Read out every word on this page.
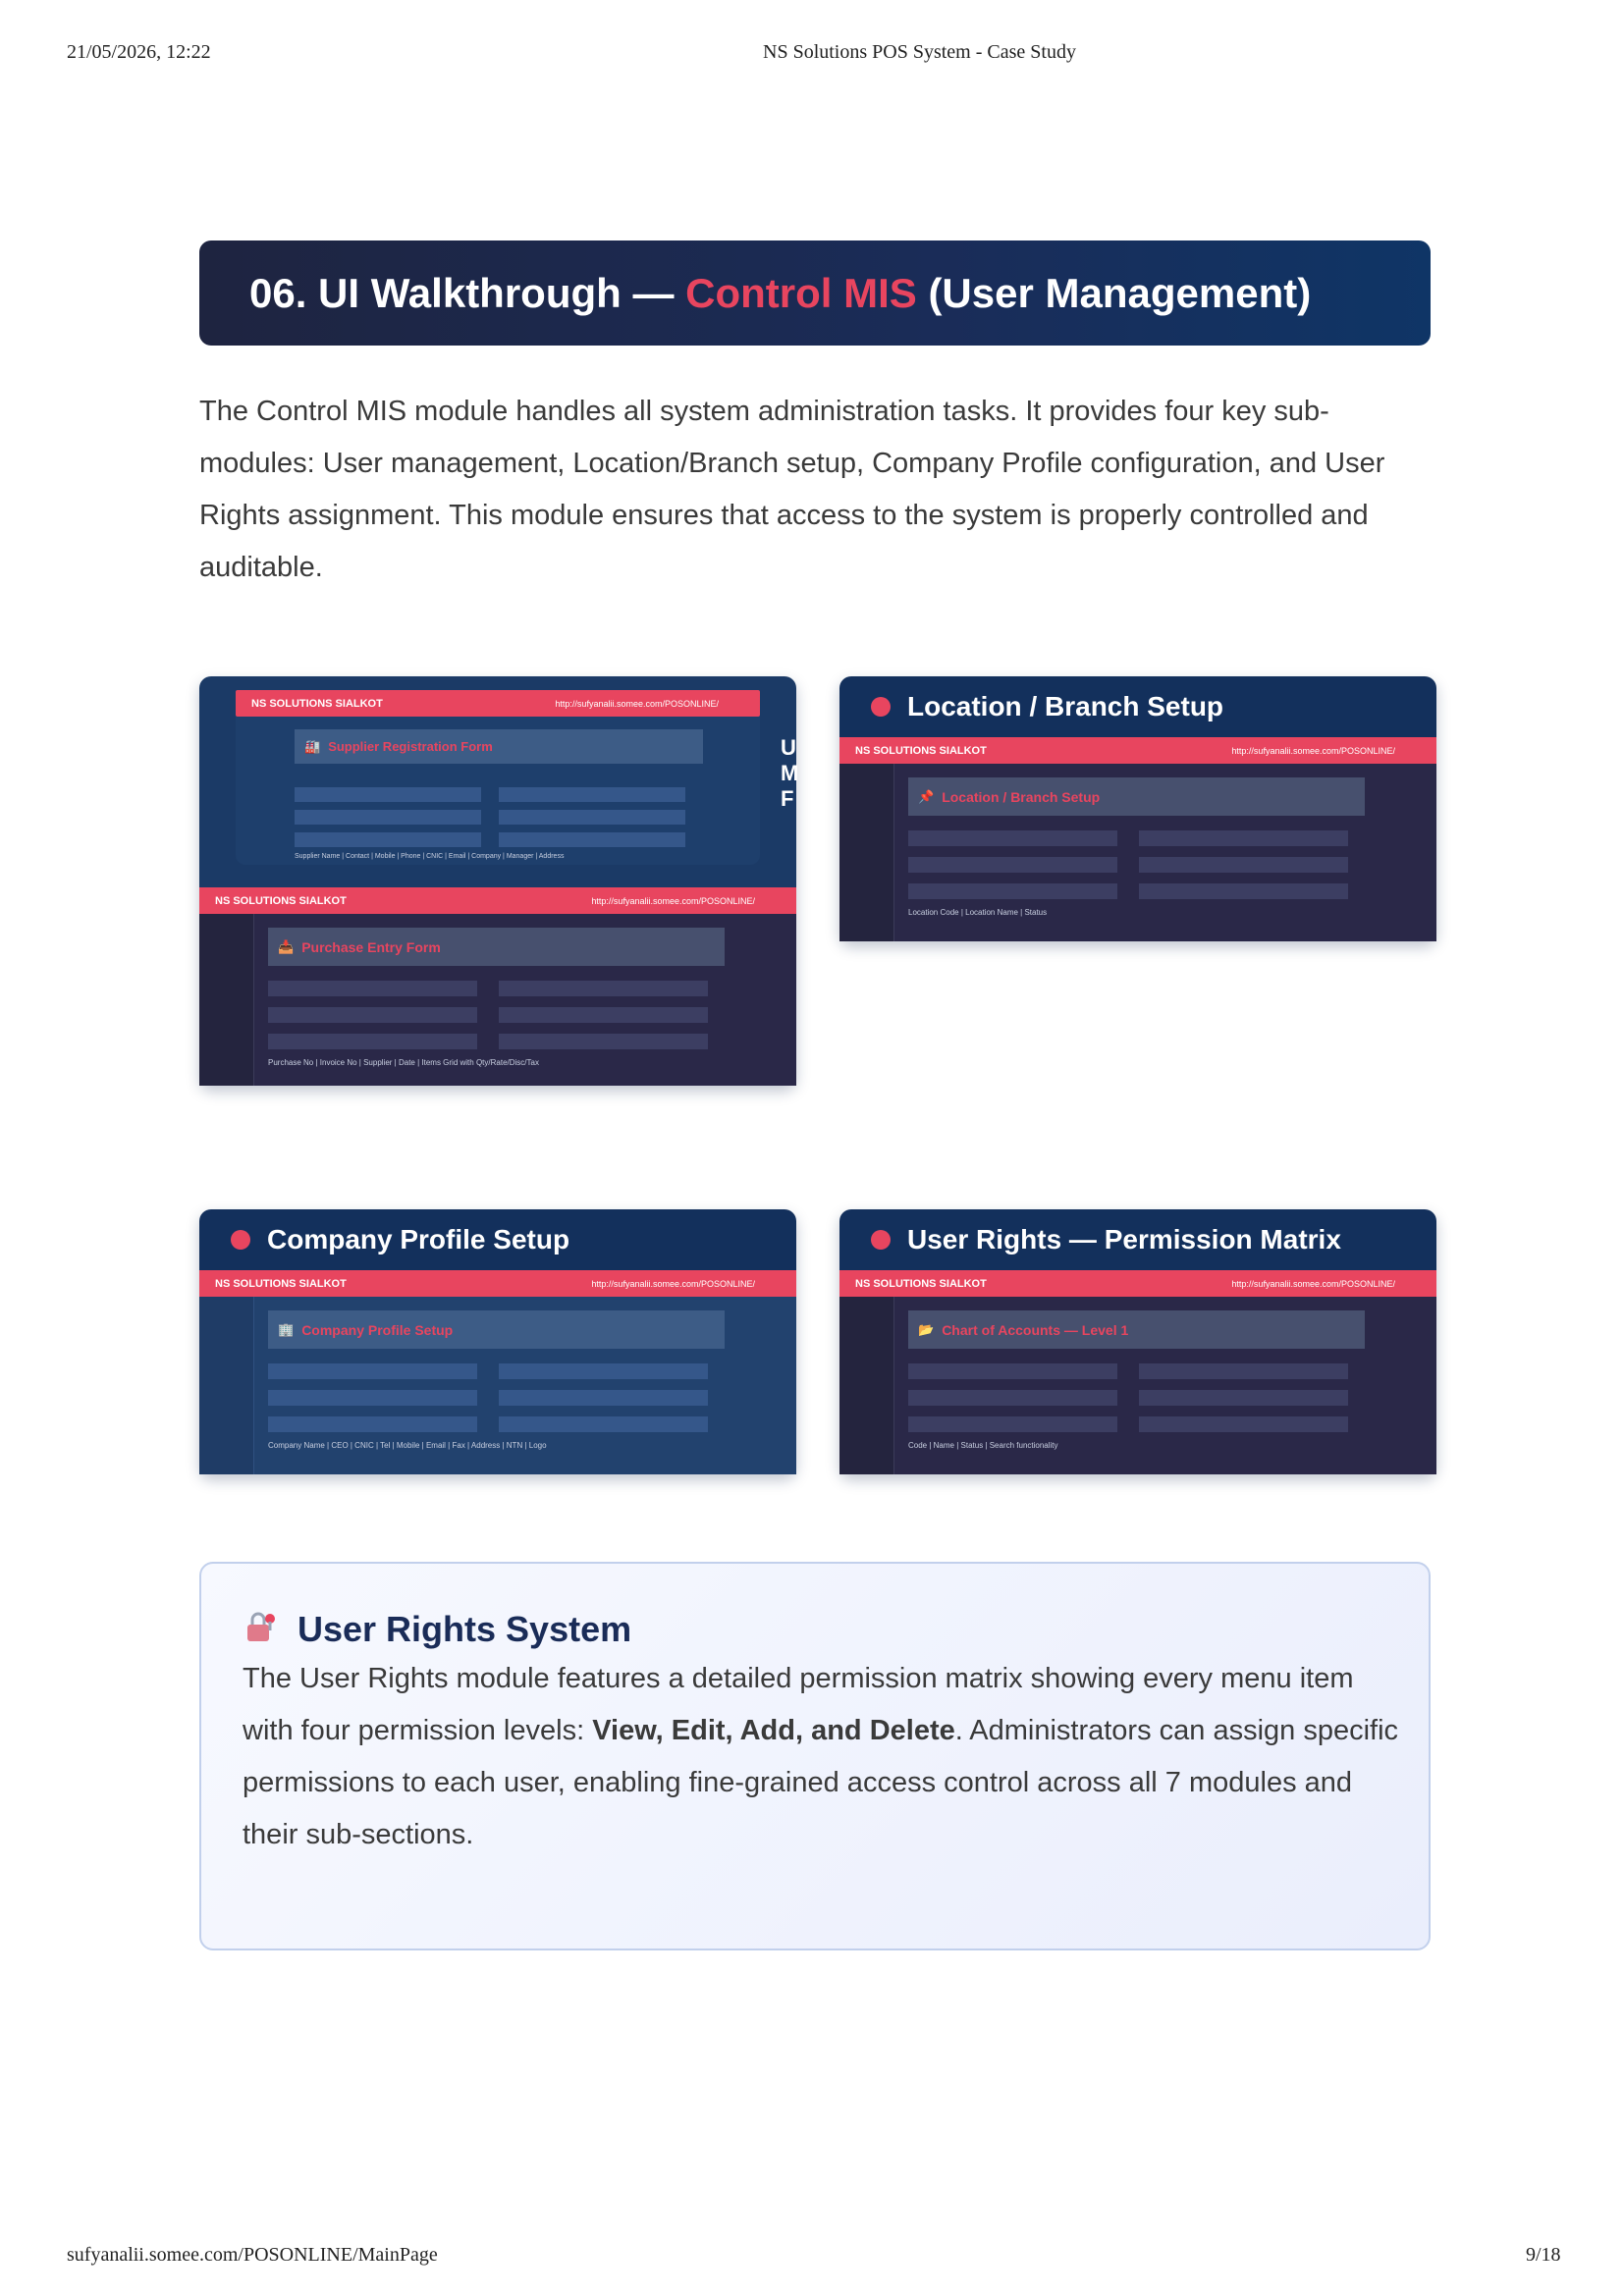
21/05/2026, 12:22	NS Solutions POS System - Case Study
06. UI Walkthrough — Control MIS (User Management)

The Control MIS module handles all system administration tasks. It provides four key sub-modules: User management, Location/Branch setup, Company Profile configuration, and User Rights assignment. This module ensures that access to the system is properly controlled and auditable.

NS SOLUTIONS SIALKOT	http://sufyanalii.somee.com/POSONLINE/
🏭 Supplier Registration Form
Supplier Name | Contact | Mobile | Phone | CNIC | Email | Company | Manager | Address
U
M
F
NS SOLUTIONS SIALKOT	http://sufyanalii.somee.com/POSONLINE/
📥 Purchase Entry Form
Purchase No | Invoice No | Supplier | Date | Items Grid with Qty/Rate/Disc/Tax
Location / Branch Setup
NS SOLUTIONS SIALKOT	http://sufyanalii.somee.com/POSONLINE/
📌 Location / Branch Setup
Location Code | Location Name | Status
Company Profile Setup
NS SOLUTIONS SIALKOT	http://sufyanalii.somee.com/POSONLINE/
🏢 Company Profile Setup
Company Name | CEO | CNIC | Tel | Mobile | Email | Fax | Address | NTN | Logo
User Rights — Permission Matrix
NS SOLUTIONS SIALKOT	http://sufyanalii.somee.com/POSONLINE/
📂 Chart of Accounts — Level 1
Code | Name | Status | Search functionality
User Rights System

The User Rights module features a detailed permission matrix showing every menu item with four permission levels: View, Edit, Add, and Delete. Administrators can assign specific permissions to each user, enabling fine-grained access control across all 7 modules and their sub-sections.

sufyanalii.somee.com/POSONLINE/MainPage	9/18
